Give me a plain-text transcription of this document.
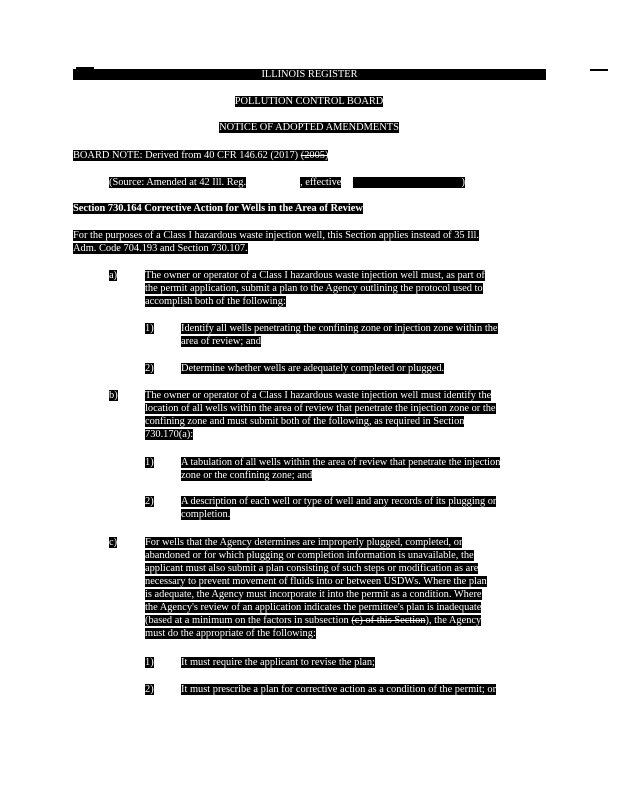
ILLINOIS REGISTER
POLLUTION CONTROL BOARD
NOTICE OF ADOPTED AMENDMENTS
BOARD NOTE: Derived from 40 CFR 146.62 (2017) (2005)
(Source: Amended at 42 Ill. Reg.	, effective	)
Section 730.164 Corrective Action for Wells in the Area of Review
For the purposes of a Class I hazardous waste injection well, this Section applies instead of 35 Ill.
Adm. Code 704.193 and Section 730.107.
a)	The owner or operator of a Class I hazardous waste injection well must, as part of
the permit application, submit a plan to the Agency outlining the protocol used to
accomplish both of the following:
1)	Identify all wells penetrating the confining zone or injection zone within the
area of review; and
2)	Determine whether wells are adequately completed or plugged.
b)	The owner or operator of a Class I hazardous waste injection well must identify the
location of all wells within the area of review that penetrate the injection zone or the
confining zone and must submit both of the following, as required in Section
730.170(a):
1)	A tabulation of all wells within the area of review that penetrate the injection
zone or the confining zone; and
2)	A description of each well or type of well and any records of its plugging or
completion.
c)	For wells that the Agency determines are improperly plugged, completed, or
abandoned or for which plugging or completion information is unavailable, the
applicant must also submit a plan consisting of such steps or modification as are
necessary to prevent movement of fluids into or between USDWs. Where the plan
is adequate, the Agency must incorporate it into the permit as a condition. Where
the Agency's review of an application indicates the permittee's plan is inadequate
(based at a minimum on the factors in subsection (c) of this Section), the Agency
must do the appropriate of the following:
1)	It must require the applicant to revise the plan;
2)	It must prescribe a plan for corrective action as a condition of the permit; or
